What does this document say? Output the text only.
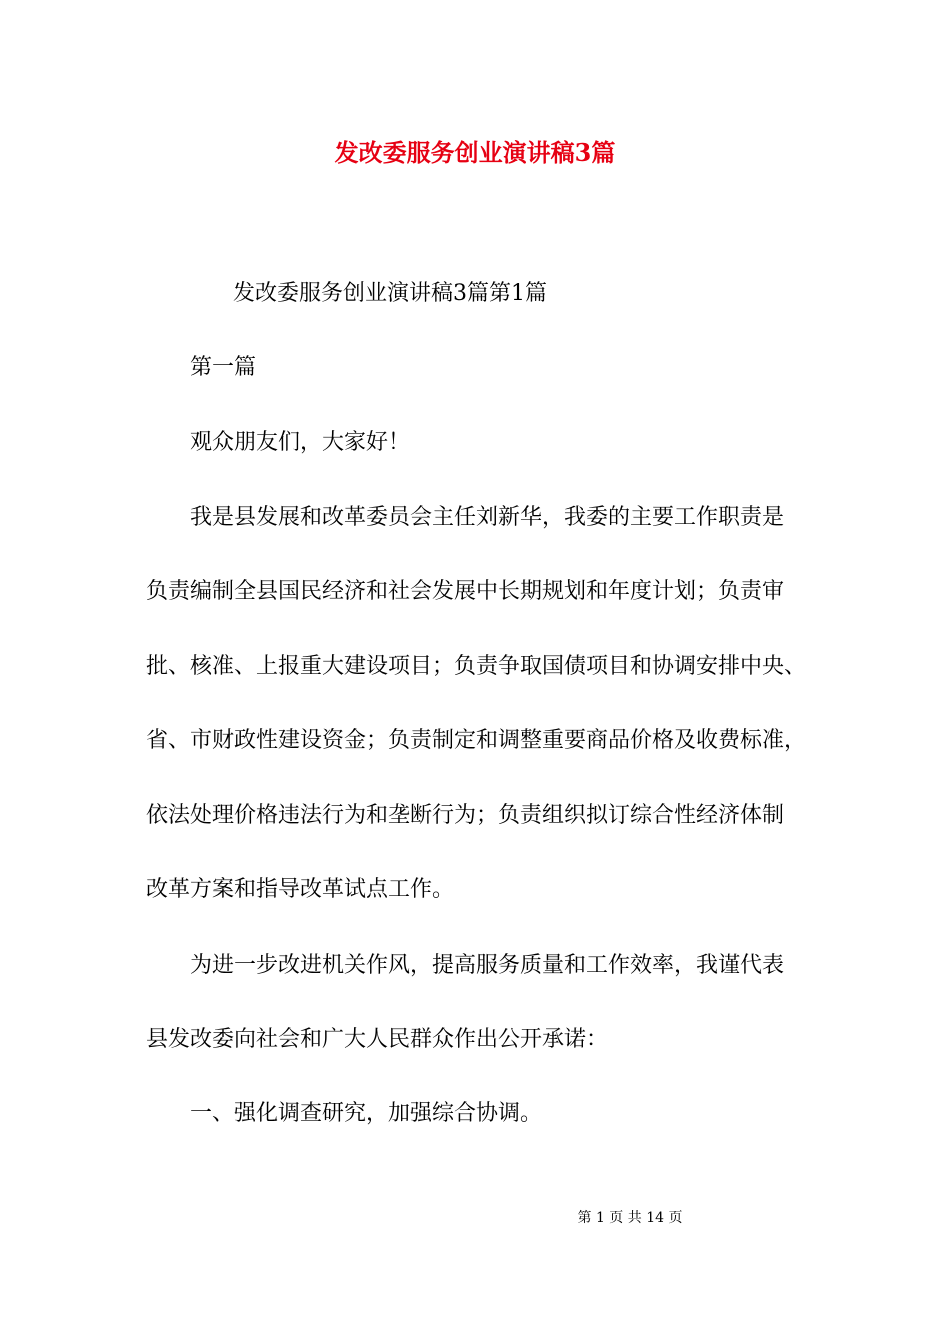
发改委服务创业演讲稿3篇
发改委服务创业演讲稿3篇第1篇
第一篇
观众朋友们，大家好！
我是县发展和改革委员会主任刘新华，我委的主要工作职责是
负责编制全县国民经济和社会发展中长期规划和年度计划；负责审
批、核准、上报重大建设项目；负责争取国债项目和协调安排中央、
省、市财政性建设资金；负责制定和调整重要商品价格及收费标准，
依法处理价格违法行为和垄断行为；负责组织拟订综合性经济体制
改革方案和指导改革试点工作。
为进一步改进机关作风，提高服务质量和工作效率，我谨代表
县发改委向社会和广大人民群众作出公开承诺：
一、强化调查研究，加强综合协调。
第 1 页 共 14 页
